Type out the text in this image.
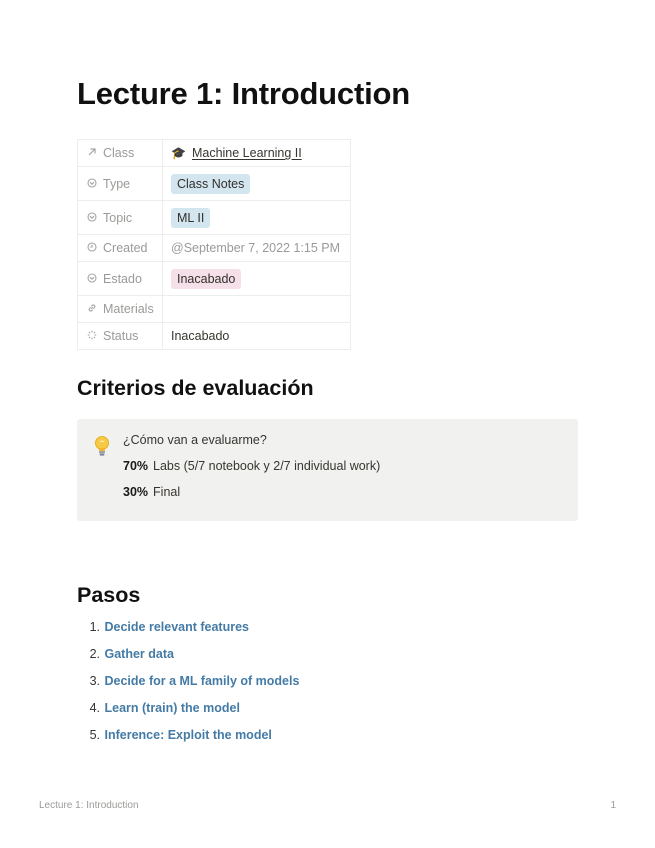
Lecture 1: Introduction
Class	🎓 Machine Learning II
Type	Class Notes
Topic	ML II
Created	@September 7, 2022 1:15 PM
Estado	Inacabado
Materials	
Status	Inacabado
Criterios de evaluación
¿Cómo van a evaluarme?
70% Labs (5/7 notebook y 2/7 individual work)
30% Final
Pasos
1. Decide relevant features
2. Gather data
3. Decide for a ML family of models
4. Learn (train) the model
5. Inference: Exploit the model
Lecture 1: Introduction	1
